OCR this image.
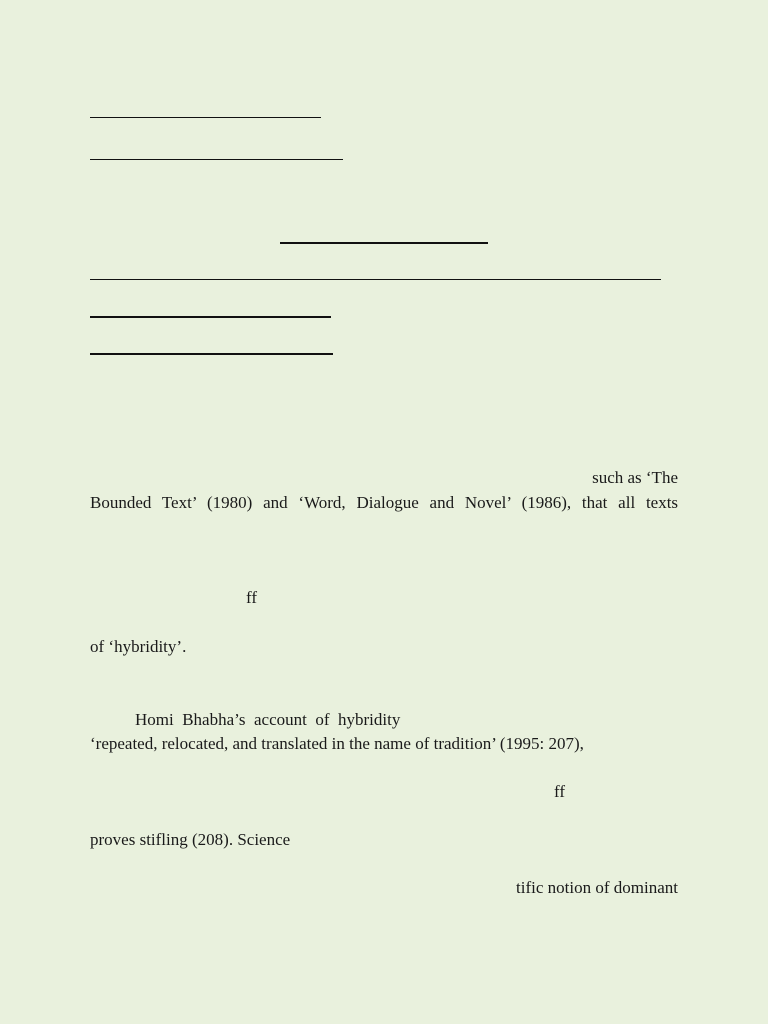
such as ‘The
Bounded Text’ (1980) and ‘Word, Dialogue and Novel’ (1986), that all texts
ff
of ‘hybridity’.
Homi  Bhabha’s  account  of  hybridity
‘repeated, relocated, and translated in the name of tradition’ (1995: 207),
ff
proves stifling (208). Science
tific notion of dominant
